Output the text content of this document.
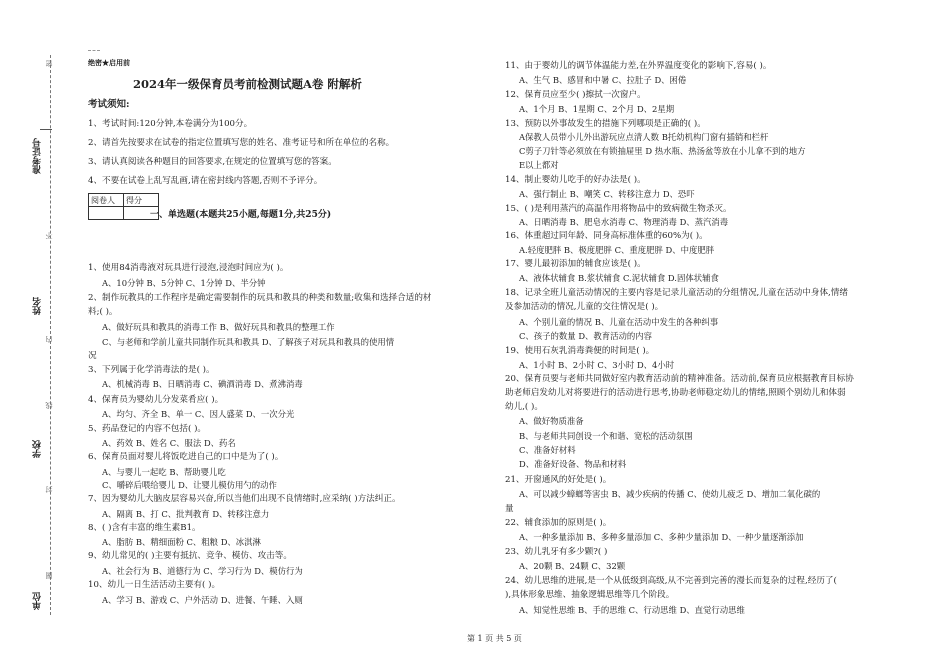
准考证号
姓名
学校
单位
密
不
内
线
封
圈
绝密★启用前
2024年一级保育员考前检测试题A卷 附解析
考试须知:
1、考试时间:120分钟,本卷满分为100分。
2、请首先按要求在试卷的指定位置填写您的姓名、准考证号和所在单位的名称。
3、请认真阅读各种题目的回答要求,在规定的位置填写您的答案。
4、不要在试卷上乱写乱画,请在密封线内答题,否则不予评分。
阅卷人	得分

一、单选题(本题共25小题,每题1分,共25分)
1、使用84消毒液对玩具进行浸泡,浸泡时间应为( )。
A、10分钟 B、5分钟 C、1分钟 D、半分钟
2、制作玩教具的工作程序是确定需要制作的玩具和教具的种类和数量;收集和选择合适的材
料;( )。
A、做好玩具和教具的消毒工作 B、做好玩具和教具的整理工作
C、与老师和学前儿童共同制作玩具和教具 D、了解孩子对玩具和教具的使用情
况
3、下列属于化学消毒法的是( )。
A、机械消毒 B、日晒消毒 C、碘酒消毒 D、煮沸消毒
4、保育员为婴幼儿分发菜肴应( )。
A、均匀、齐全 B、单一 C、因人盛菜 D、一次分光
5、药品登记的内容不包括( )。
A、药效 B、姓名 C、服法 D、药名
6、保育员面对婴儿将饭吃进自己的口中是为了( )。
A、与婴儿一起吃 B、帮助婴儿吃
C、嚼碎后喂给婴儿 D、让婴儿模仿用勺的动作
7、因为婴幼儿大脑皮层容易兴奋,所以当他们出现不良情绪时,应采纳( )方法纠正。
A、隔离 B、打 C、批判教育 D、转移注意力
8、( )含有丰富的维生素B1。
A、脂肪 B、精细面粉 C、粗粮 D、冰淇淋
9、幼儿常见的( )主要有抵抗、竞争、模仿、攻击等。
A、社会行为 B、道德行为 C、学习行为 D、模仿行为
10、幼儿一日生活活动主要有( )。
A、学习 B、游戏 C、户外活动 D、进餐、午睡、入厕
11、由于婴幼儿的调节体温能力差,在外界温度变化的影响下,容易( )。
A、生气 B、感冒和中暑 C、拉肚子 D、困倦
12、保育员应至少( )擦拭一次窗户。
A、1个月 B、1星期 C、2个月 D、2星期
13、预防以外事故发生的措施下列哪项是正确的( )。
A保教人员带小儿外出游玩应点清人数 B托幼机构门窗有插销和栏杆
C剪子刀针等必须放在有锁抽屉里 D 热水瓶、热汤盆等放在小儿拿不到的地方
E以上都对
14、制止婴幼儿吃手的好办法是( )。
A、强行制止 B、嘲笑 C、转移注意力 D、恐吓
15、( )是利用蒸汽的高温作用将物品中的致病微生物杀灭。
A、日晒消毒 B、肥皂水消毒 C、物理消毒 D、蒸汽消毒
16、体重超过同年龄、同身高标准体重的60%为( )。
A.轻度肥胖 B、极度肥胖 C、重度肥胖 D、中度肥胖
17、婴儿最初添加的辅食应该是( )。
A、液体状辅食 B.浆状辅食 C.泥状辅食 D.固体状辅食
18、记录全班儿童活动情况的主要内容是记录儿童活动的分组情况,儿童在活动中身体,情绪
及参加活动的情况,儿童的交往情况是( )。
A、个别儿童的情况 B、儿童在活动中发生的各种纠事
C、孩子的数量 D、教育活动的内容
19、使用石灰乳消毒粪便的时间是( )。
A、1小时 B、2小时 C、3小时 D、4小时
20、保育员要与老师共同做好室内教育活动前的精神准备。活动前,保育员应根据教育目标协
助老师启发幼儿对将要进行的活动进行思考,协助老师稳定幼儿的情绪,照顾个别幼儿和体弱
幼儿,( )。
A、做好物质准备
B、与老师共同创设一个和谐、宽松的活动氛围
C、准备好材料
D、准备好设备、物品和材料
21、开窗通风的好处是( )。
A、可以减少蟑螂等害虫 B、减少疾病的传播 C、使幼儿疲乏 D、增加二氧化碳的
量
22、辅食添加的原则是( )。
A、一种多量添加 B、多种多量添加 C、多种少量添加 D、一种少量逐渐添加
23、幼儿乳牙有多少颗?( )
A、20颗 B、24颗 C、32颗
24、幼儿思维的进展,是一个从低级到高级,从不完善到完善的漫长而复杂的过程,经历了(
),具体形象思维、抽象逻辑思维等几个阶段。
A、知觉性思维 B、手的思维 C、行动思维 D、直觉行动思维
第 1 页 共 5 页
